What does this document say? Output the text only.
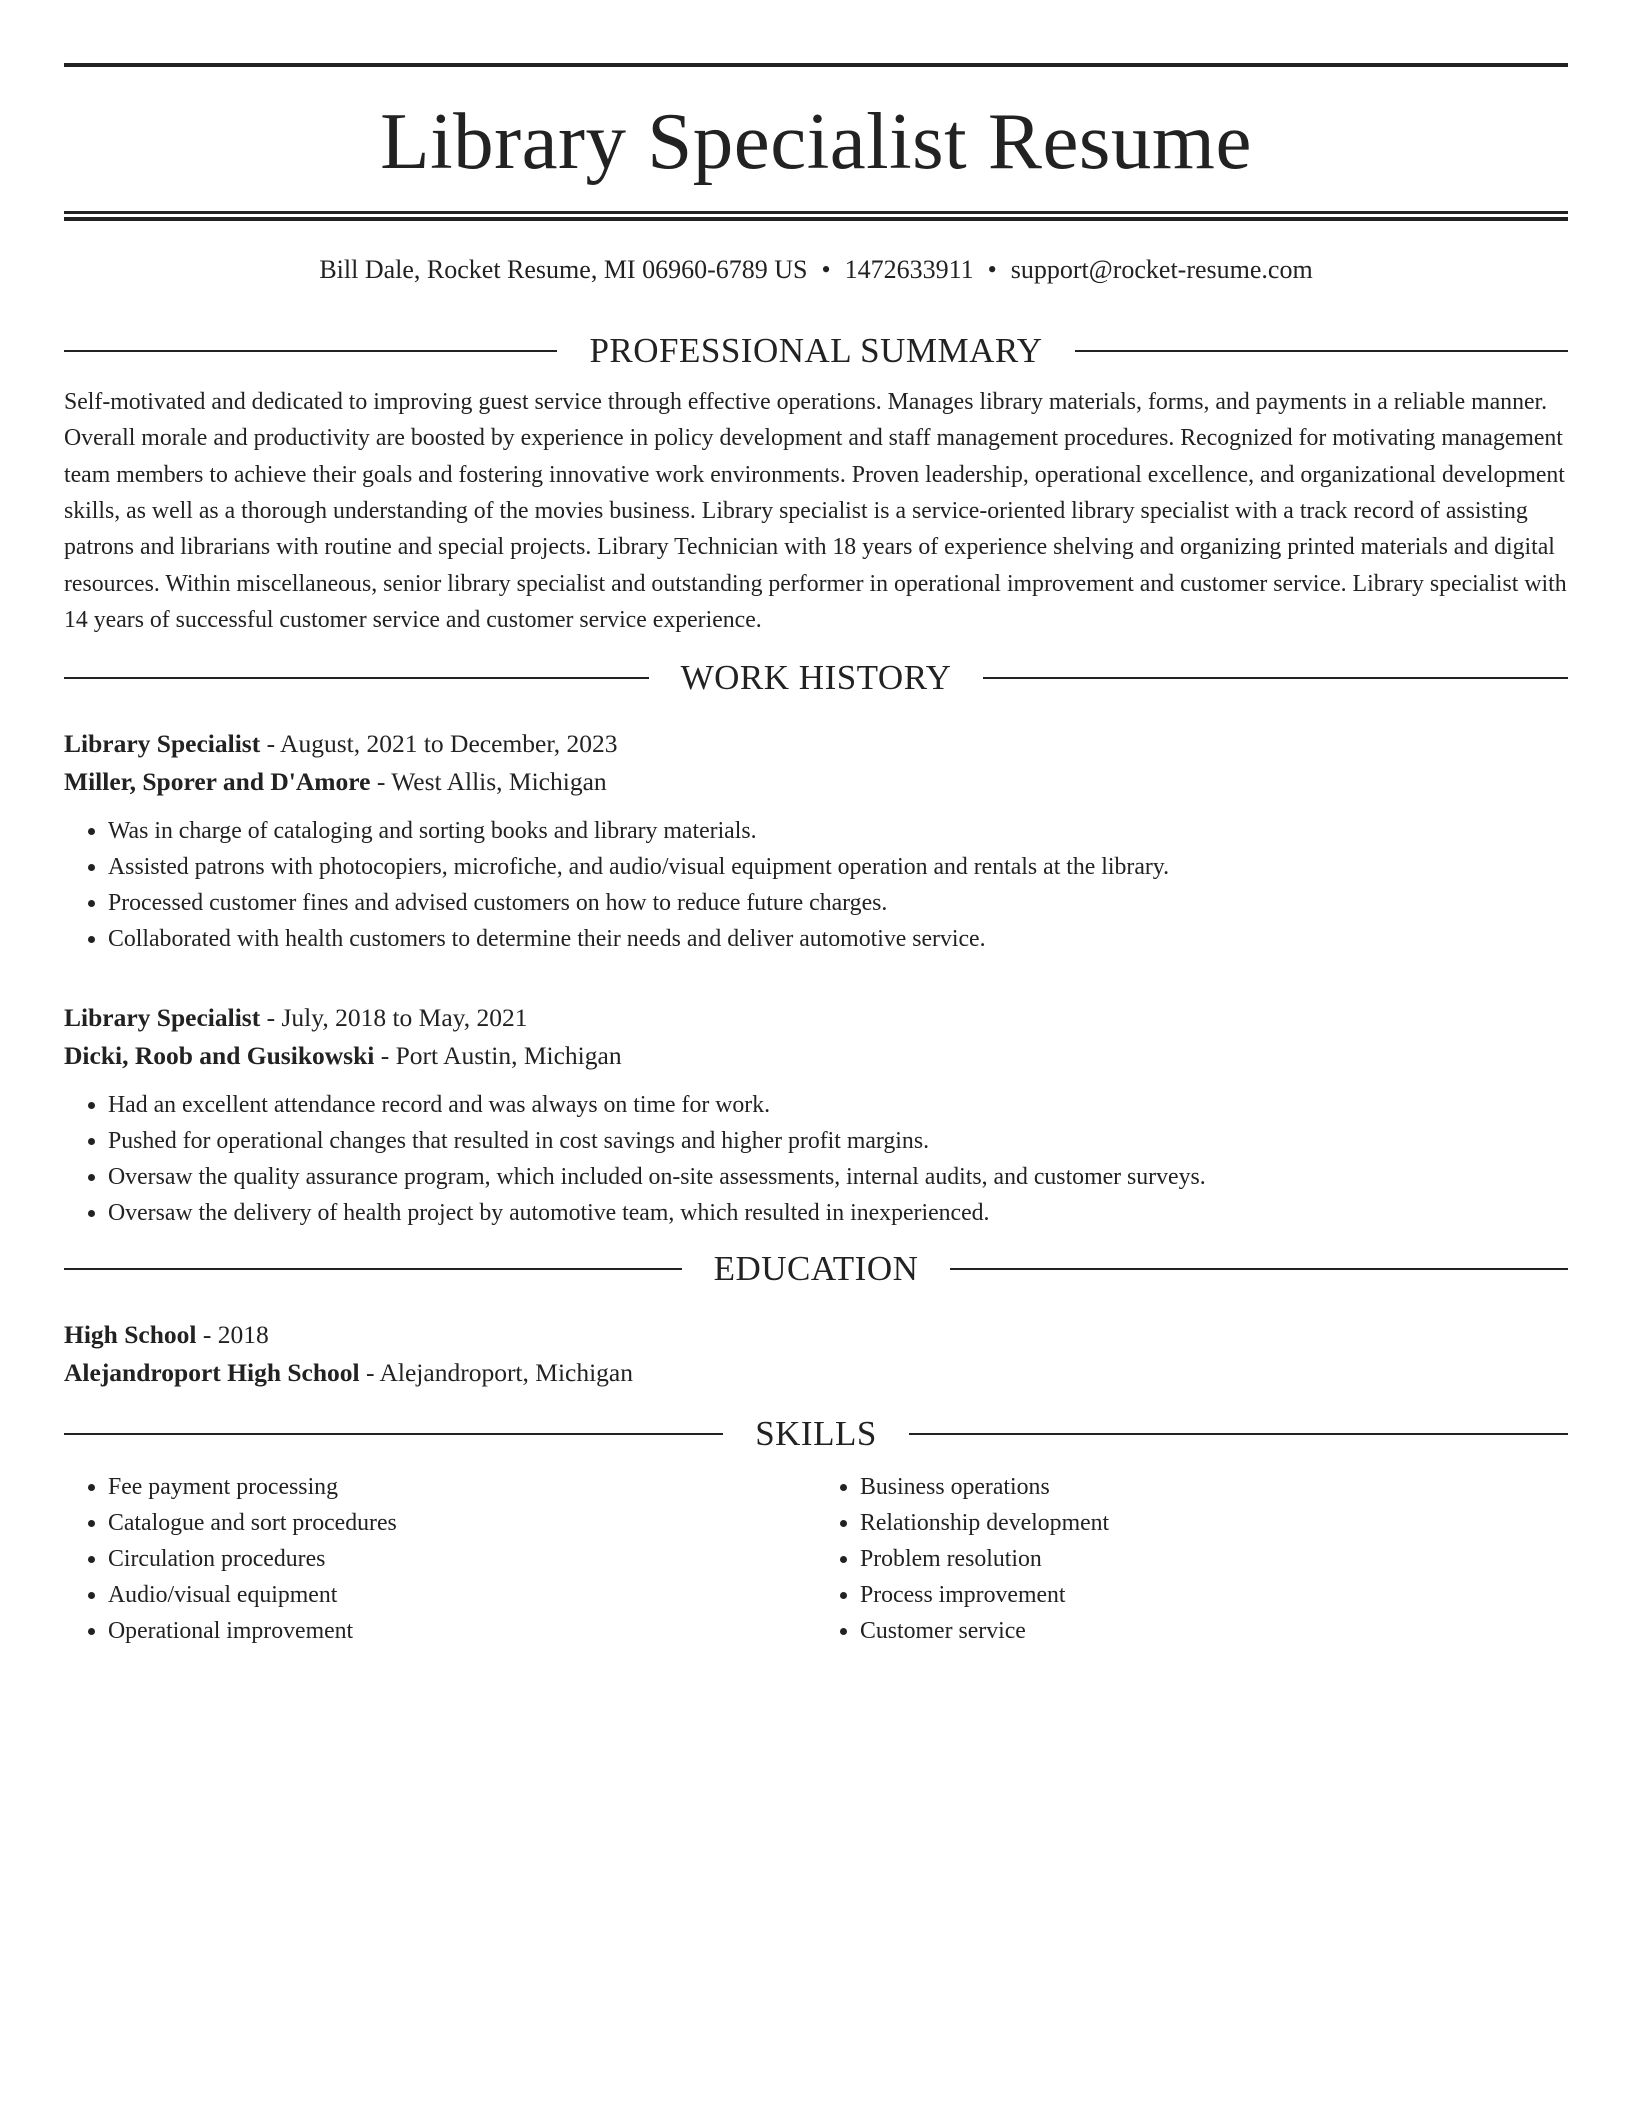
Library Specialist Resume
Bill Dale, Rocket Resume, MI 06960-6789 US • 1472633911 • support@rocket-resume.com
PROFESSIONAL SUMMARY

Self-motivated and dedicated to improving guest service through effective operations. Manages library materials, forms, and payments in a reliable manner. Overall morale and productivity are boosted by experience in policy development and staff management procedures. Recognized for motivating management team members to achieve their goals and fostering innovative work environments. Proven leadership, operational excellence, and organizational development skills, as well as a thorough understanding of the movies business. Library specialist is a service-oriented library specialist with a track record of assisting patrons and librarians with routine and special projects. Library Technician with 18 years of experience shelving and organizing printed materials and digital resources. Within miscellaneous, senior library specialist and outstanding performer in operational improvement and customer service. Library specialist with 14 years of successful customer service and customer service experience.

WORK HISTORY
Library Specialist - August, 2021 to December, 2023
Miller, Sporer and D'Amore - West Allis, Michigan
• Was in charge of cataloging and sorting books and library materials.
• Assisted patrons with photocopiers, microfiche, and audio/visual equipment operation and rentals at the library.
• Processed customer fines and advised customers on how to reduce future charges.
• Collaborated with health customers to determine their needs and deliver automotive service.
Library Specialist - July, 2018 to May, 2021
Dicki, Roob and Gusikowski - Port Austin, Michigan
• Had an excellent attendance record and was always on time for work.
• Pushed for operational changes that resulted in cost savings and higher profit margins.
• Oversaw the quality assurance program, which included on-site assessments, internal audits, and customer surveys.
• Oversaw the delivery of health project by automotive team, which resulted in inexperienced.
EDUCATION
High School - 2018
Alejandroport High School - Alejandroport, Michigan
SKILLS
• Fee payment processing
• Catalogue and sort procedures
• Circulation procedures
• Audio/visual equipment
• Operational improvement
• Business operations
• Relationship development
• Problem resolution
• Process improvement
• Customer service
